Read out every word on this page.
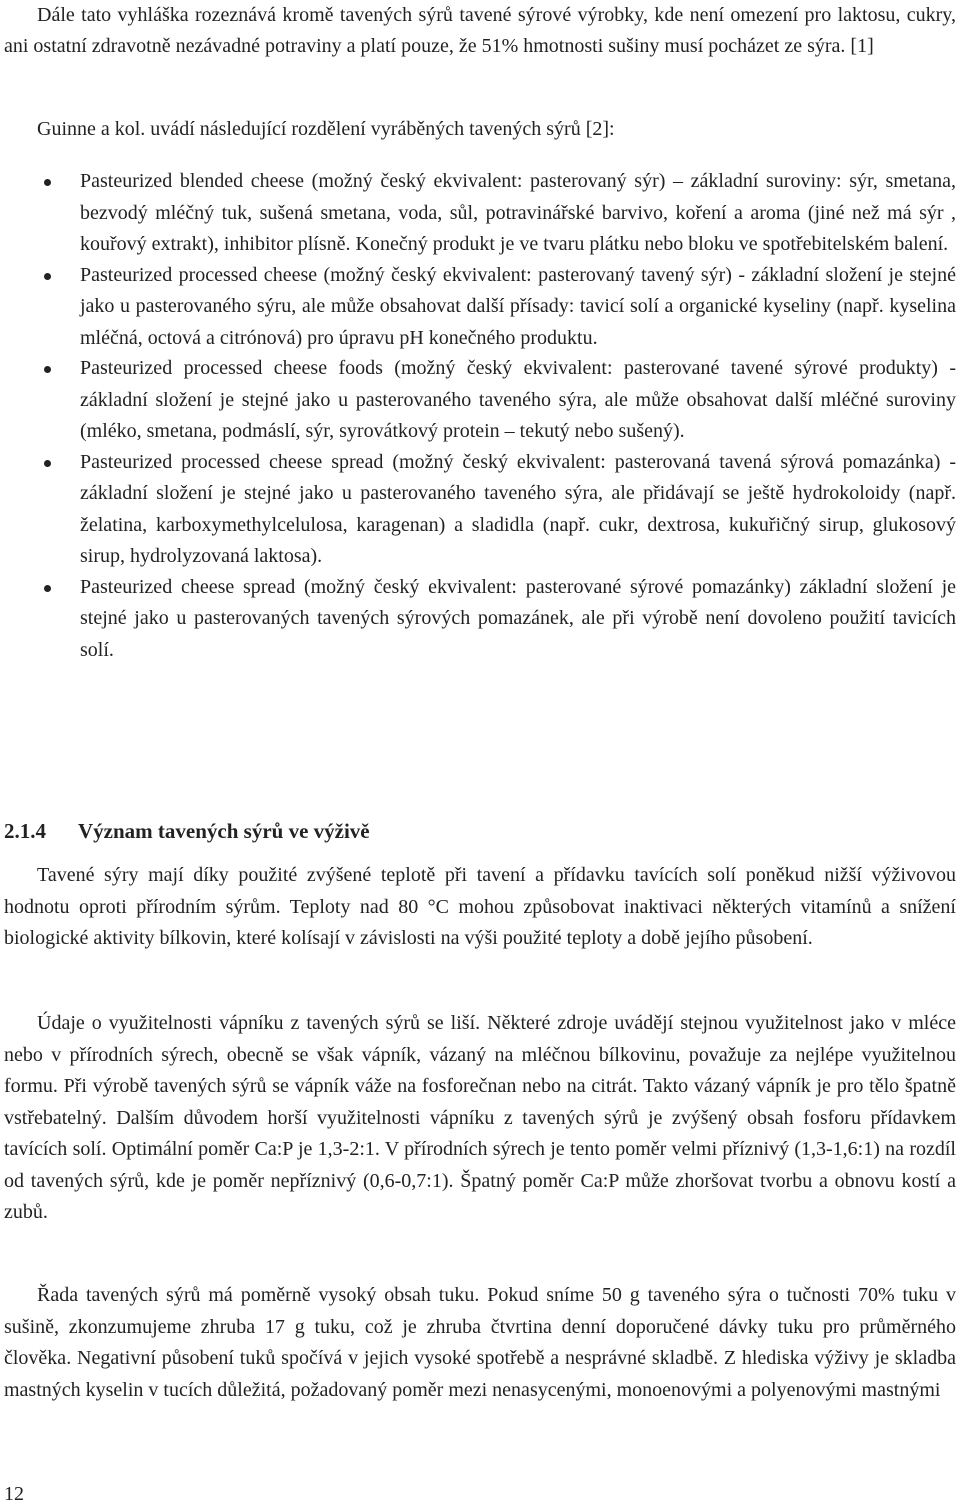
Dále tato vyhláška rozeznává kromě tavených sýrů tavené sýrové výrobky, kde není omezení pro laktosu, cukry, ani ostatní zdravotně nezávadné potraviny a platí pouze, že 51% hmotnosti sušiny musí pocházet ze sýra. [1]

Guinne a kol. uvádí následující rozdělení vyráběných tavených sýrů [2]:

Pasteurized blended cheese (možný český ekvivalent: pasterovaný sýr) – základní suroviny: sýr, smetana, bezvodý mléčný tuk, sušená smetana, voda, sůl, potravinářské barvivo, koření a aroma (jiné než má sýr , kouřový extrakt), inhibitor plísně. Konečný produkt je ve tvaru plátku nebo bloku ve spotřebitelském balení.
Pasteurized processed cheese (možný český ekvivalent: pasterovaný tavený sýr) - základní složení je stejné jako u pasterovaného sýru, ale může obsahovat další přísady: tavicí solí a organické kyseliny (např. kyselina mléčná, octová a citrónová) pro úpravu pH konečného produktu.
Pasteurized processed cheese foods (možný český ekvivalent: pasterované tavené sýrové produkty) - základní složení je stejné jako u pasterovaného taveného sýra, ale může obsahovat další mléčné suroviny (mléko, smetana, podmáslí, sýr, syrovátkový protein – tekutý nebo sušený).
Pasteurized processed cheese spread (možný český ekvivalent: pasterovaná tavená sýrová pomazánka) - základní složení je stejné jako u pasterovaného taveného sýra, ale přidávají se ještě hydrokoloidy (např. želatina, karboxymethylcelulosa, karagenan) a sladidla (např. cukr, dextrosa, kukuřičný sirup, glukosový sirup, hydrolyzovaná laktosa).
Pasteurized cheese spread (možný český ekvivalent: pasterované sýrové pomazánky) základní složení je stejné jako u pasterovaných tavených sýrových pomazánek, ale při výrobě není dovoleno použití tavicích solí.
2.1.4 Význam tavených sýrů ve výživě

Tavené sýry mají díky použité zvýšené teplotě při tavení a přídavku tavících solí poněkud nižší výživovou hodnotu oproti přírodním sýrům. Teploty nad 80 °C mohou způsobovat inaktivaci některých vitamínů a snížení biologické aktivity bílkovin, které kolísají v závislosti na výši použité teploty a době jejího působení.

Údaje o využitelnosti vápníku z tavených sýrů se liší. Některé zdroje uvádějí stejnou využitelnost jako v mléce nebo v přírodních sýrech, obecně se však vápník, vázaný na mléčnou bílkovinu, považuje za nejlépe využitelnou formu. Při výrobě tavených sýrů se vápník váže na fosforečnan nebo na citrát. Takto vázaný vápník je pro tělo špatně vstřebatelný. Dalším důvodem horší využitelnosti vápníku z tavených sýrů je zvýšený obsah fosforu přídavkem tavících solí. Optimální poměr Ca:P je 1,3-2:1. V přírodních sýrech je tento poměr velmi příznivý (1,3-1,6:1) na rozdíl od tavených sýrů, kde je poměr nepříznivý (0,6-0,7:1). Špatný poměr Ca:P může zhoršovat tvorbu a obnovu kostí a zubů.

Řada tavených sýrů má poměrně vysoký obsah tuku. Pokud sníme 50 g taveného sýra o tučnosti 70% tuku v sušině, zkonzumujeme zhruba 17 g tuku, což je zhruba čtvrtina denní doporučené dávky tuku pro průměrného člověka. Negativní působení tuků spočívá v jejich vysoké spotřebě a nesprávné skladbě. Z hlediska výživy je skladba mastných kyselin v tucích důležitá, požadovaný poměr mezi nenasycenými, monoenovými a polyenovými mastnými

12
